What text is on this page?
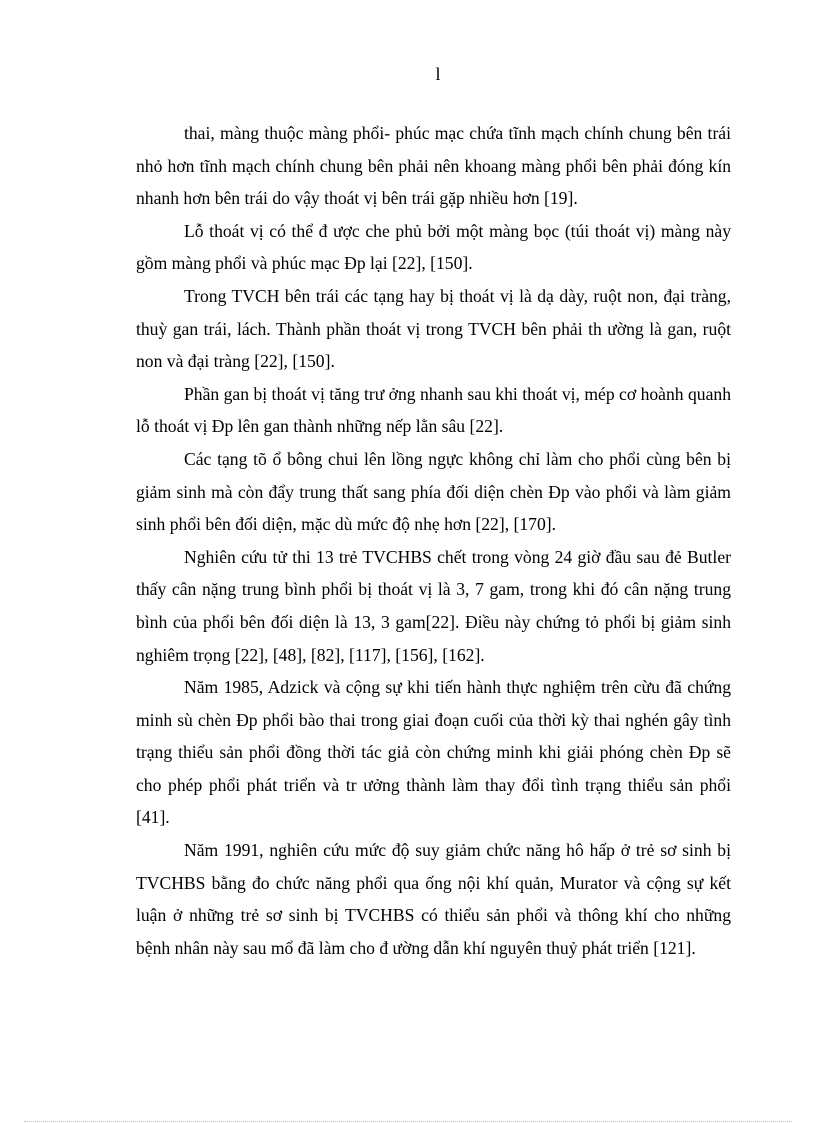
l

thai, màng thuộc màng phổi- phúc mạc chứa tĩnh mạch chính chung bên trái nhỏ hơn tĩnh mạch chính chung bên phải nên khoang màng phổi bên phải đóng kín nhanh hơn bên trái do vậy thoát vị bên trái gặp nhiều hơn [19].

Lỗ thoát vị có thể đ ược che phủ bởi một màng bọc (túi thoát vị) màng này gồm màng phổi và phúc mạc Đp lại [22], [150].

Trong TVCH bên trái các tạng hay bị thoát vị là dạ dày, ruột non, đại tràng, thuỳ gan trái, lách. Thành phần thoát vị trong TVCH bên phải th ường là gan, ruột non và đại tràng [22], [150].

Phần gan bị thoát vị tăng trư ởng nhanh sau khi thoát vị, mép cơ hoành quanh lỗ thoát vị Đp lên gan thành những nếp lằn sâu [22].

Các tạng tõ ổ bông chui lên lồng ngực không chỉ làm cho phổi cùng bên bị giảm sinh mà còn đẩy trung thất sang phía đối diện chèn Đp vào phổi và làm giảm sinh phổi bên đối diện, mặc dù mức độ nhẹ hơn [22], [170].

Nghiên cứu tử thi 13 trẻ TVCHBS chết trong vòng 24 giờ đầu sau đẻ Butler thấy cân nặng trung bình phổi bị thoát vị là 3, 7 gam, trong khi đó cân nặng trung bình của phổi bên đối diện là 13, 3 gam[22]. Điều này chứng tỏ phổi bị giảm sinh nghiêm trọng [22], [48], [82], [117], [156], [162].

Năm 1985, Adzick và cộng sự khi tiến hành thực nghiệm trên cừu đã chứng minh sù chèn Đp phổi bào thai trong giai đoạn cuối của thời kỳ thai nghén gây tình trạng thiểu sản phổi đồng thời tác giả còn chứng minh khi giải phóng chèn Đp sẽ cho phép phổi phát triển và tr ưởng thành làm thay đổi tình trạng thiểu sản phổi [41].

Năm 1991, nghiên cứu mức độ suy giảm chức năng hô hấp ở trẻ sơ sinh bị TVCHBS bằng đo chức năng phổi qua ống nội khí quản, Murator và cộng sự kết luận ở những trẻ sơ sinh bị TVCHBS có thiểu sản phổi và thông khí cho những bệnh nhân này sau mổ đã làm cho đ ường dẫn khí nguyên thuỷ phát triển [121].
